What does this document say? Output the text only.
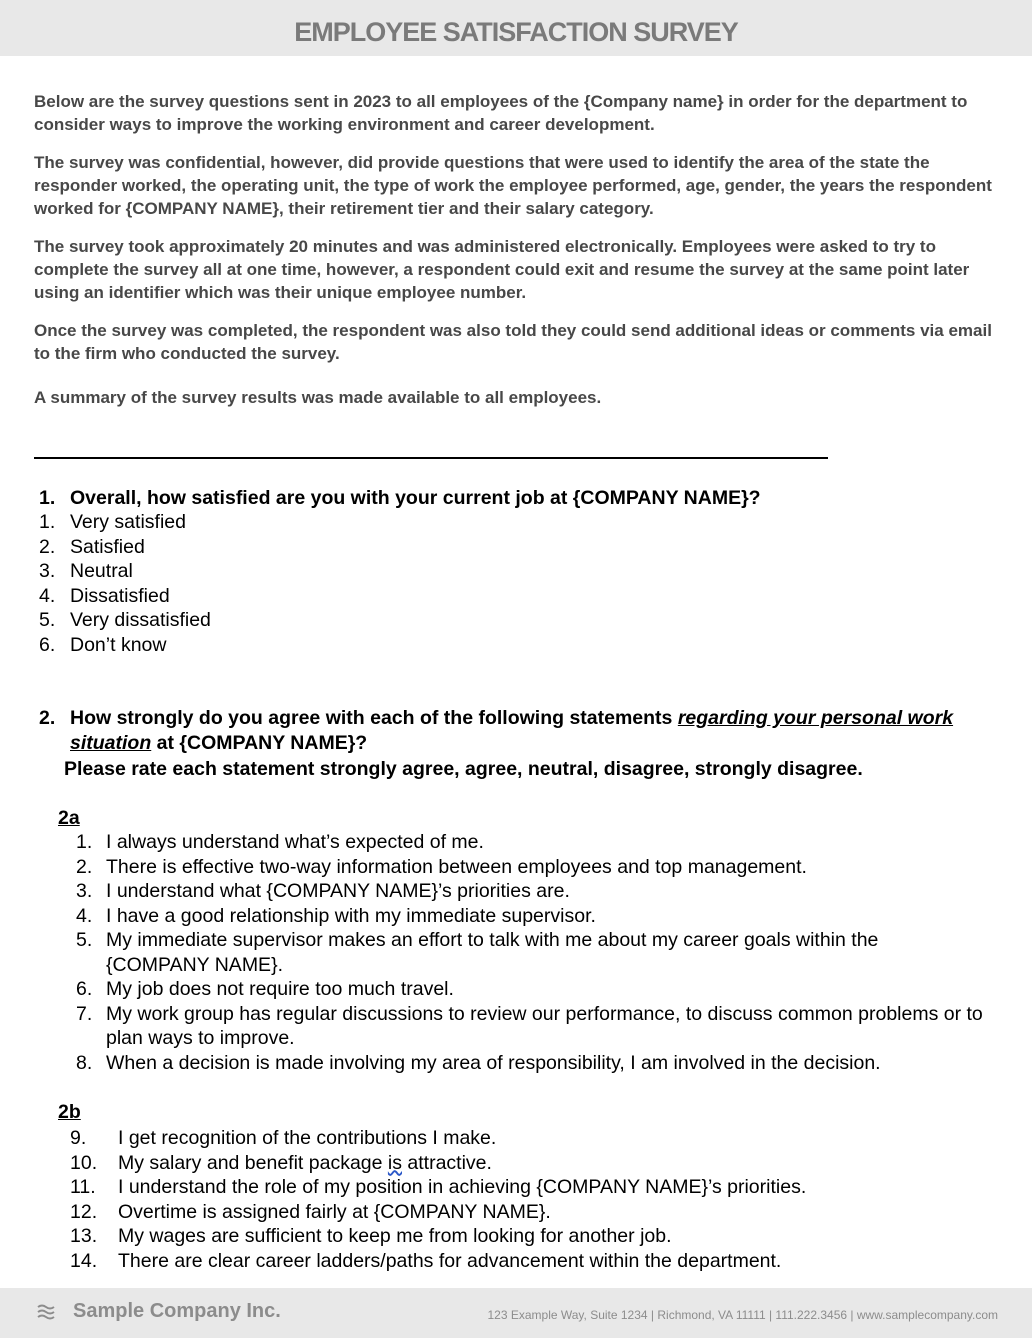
EMPLOYEE SATISFACTION SURVEY

Below are the survey questions sent in 2023 to all employees of the {Company name} in order for the department to consider ways to improve the working environment and career development.

The survey was confidential, however, did provide questions that were used to identify the area of the state the responder worked, the operating unit, the type of work the employee performed, age, gender, the years the respondent worked for {COMPANY NAME}, their retirement tier and their salary category.

The survey took approximately 20 minutes and was administered electronically. Employees were asked to try to complete the survey all at one time, however, a respondent could exit and resume the survey at the same point later using an identifier which was their unique employee number.

Once the survey was completed, the respondent was also told they could send additional ideas or comments via email to the firm who conducted the survey.

A summary of the survey results was made available to all employees.

1. Overall, how satisfied are you with your current job at {COMPANY NAME}?
1. Very satisfied
2. Satisfied
3. Neutral
4. Dissatisfied
5. Very dissatisfied
6. Don’t know
2. How strongly do you agree with each of the following statements regarding your personal work situation at {COMPANY NAME}?
Please rate each statement strongly agree, agree, neutral, disagree, strongly disagree.
2a
1. I always understand what’s expected of me.
2. There is effective two-way information between employees and top management.
3. I understand what {COMPANY NAME}’s priorities are.
4. I have a good relationship with my immediate supervisor.
5. My immediate supervisor makes an effort to talk with me about my career goals within the {COMPANY NAME}.
6. My job does not require too much travel.
7. My work group has regular discussions to review our performance, to discuss common problems or to plan ways to improve.
8. When a decision is made involving my area of responsibility, I am involved in the decision.
2b
9. I get recognition of the contributions I make.
10. My salary and benefit package is attractive.
11. I understand the role of my position in achieving {COMPANY NAME}’s priorities.
12. Overtime is assigned fairly at {COMPANY NAME}.
13. My wages are sufficient to keep me from looking for another job.
14. There are clear career ladders/paths for advancement within the department.
Sample Company Inc.	123 Example Way, Suite 1234 | Richmond, VA 11111 | 111.222.3456 | www.samplecompany.com
